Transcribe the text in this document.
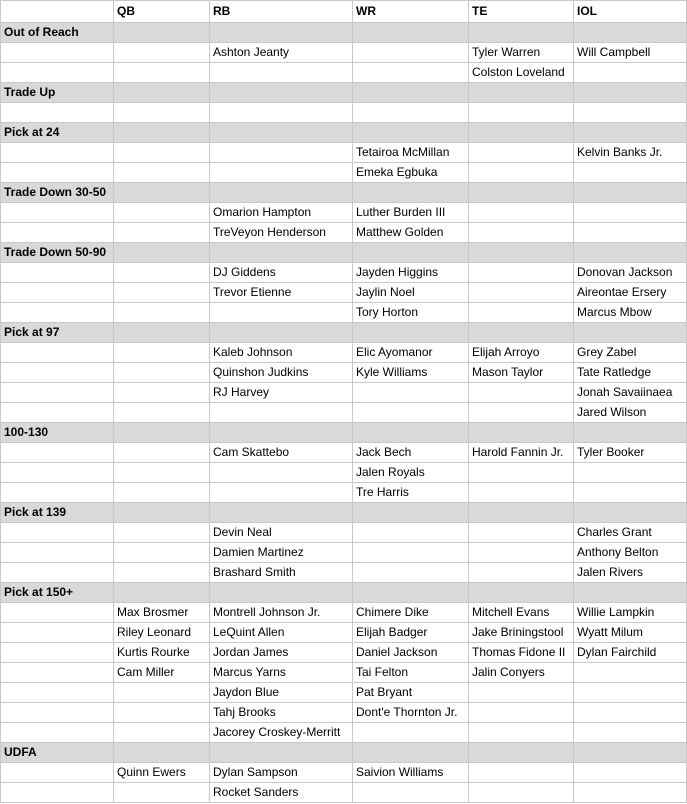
	QB	RB	WR	TE	IOL
Out of Reach					
		Ashton Jeanty		Tyler Warren	Will Campbell
				Colston Loveland	
Trade Up					

Pick at 24					
			Tetairoa McMillan		Kelvin Banks Jr.
			Emeka Egbuka		
Trade Down 30-50					
		Omarion Hampton	Luther Burden III		
		TreVeyon Henderson	Matthew Golden		
Trade Down 50-90					
		DJ Giddens	Jayden Higgins		Donovan Jackson
		Trevor Etienne	Jaylin Noel		Aireontae Ersery
			Tory Horton		Marcus Mbow
Pick at 97					
		Kaleb Johnson	Elic Ayomanor	Elijah Arroyo	Grey Zabel
		Quinshon Judkins	Kyle Williams	Mason Taylor	Tate Ratledge
		RJ Harvey			Jonah Savaiinaea
					Jared Wilson
100-130					
		Cam Skattebo	Jack Bech	Harold Fannin Jr.	Tyler Booker
			Jalen Royals		
			Tre Harris		
Pick at 139					
		Devin Neal			Charles Grant
		Damien Martinez			Anthony Belton
		Brashard Smith			Jalen Rivers
Pick at 150+					
	Max Brosmer	Montrell Johnson Jr.	Chimere Dike	Mitchell Evans	Willie Lampkin
	Riley Leonard	LeQuint Allen	Elijah Badger	Jake Briningstool	Wyatt Milum
	Kurtis Rourke	Jordan James	Daniel Jackson	Thomas Fidone II	Dylan Fairchild
	Cam Miller	Marcus Yarns	Tai Felton	Jalin Conyers	
		Jaydon Blue	Pat Bryant		
		Tahj Brooks	Dont'e Thornton Jr.		
		Jacorey Croskey-Merritt			
UDFA					
	Quinn Ewers	Dylan Sampson	Saivion Williams		
		Rocket Sanders			
